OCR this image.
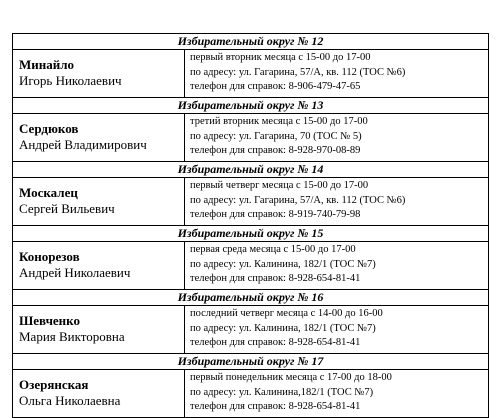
Избирательный округ № 12	

Минайло
Игорь Николаевич	первый вторник месяца с 15-00 до 17-00
по адресу: ул. Гагарина, 57/А, кв. 112 (ТОС №6)
телефон для справок: 8-906-479-47-65

Избирательный округ № 13	

Сердюков
Андрей Владимирович	третий вторник месяца с 15-00 до 17-00
по адресу: ул. Гагарина, 70 (ТОС № 5)
телефон для справок: 8-928-970-08-89

Избирательный округ № 14	

Москалец
Сергей Вильевич	первый четверг месяца с 15-00 до 17-00
по адресу: ул. Гагарина, 57/А, кв. 112 (ТОС №6)
телефон для справок: 8-919-740-79-98

Избирательный округ № 15	

Конорезов
Андрей Николаевич	первая среда месяца с 15-00 до 17-00
по адресу: ул. Калинина, 182/1 (ТОС №7)
телефон для справок: 8-928-654-81-41

Избирательный округ № 16	

Шевченко
Мария Викторовна	последний четверг месяца с 14-00 до 16-00
по адресу: ул. Калинина, 182/1 (ТОС №7)
телефон для справок: 8-928-654-81-41

Избирательный округ № 17	

Озерянская
Ольга Николаевна	первый понедельник месяца с 17-00 до 18-00
по адресу: ул. Калинина,182/1 (ТОС №7)
телефон для справок: 8-928-654-81-41
